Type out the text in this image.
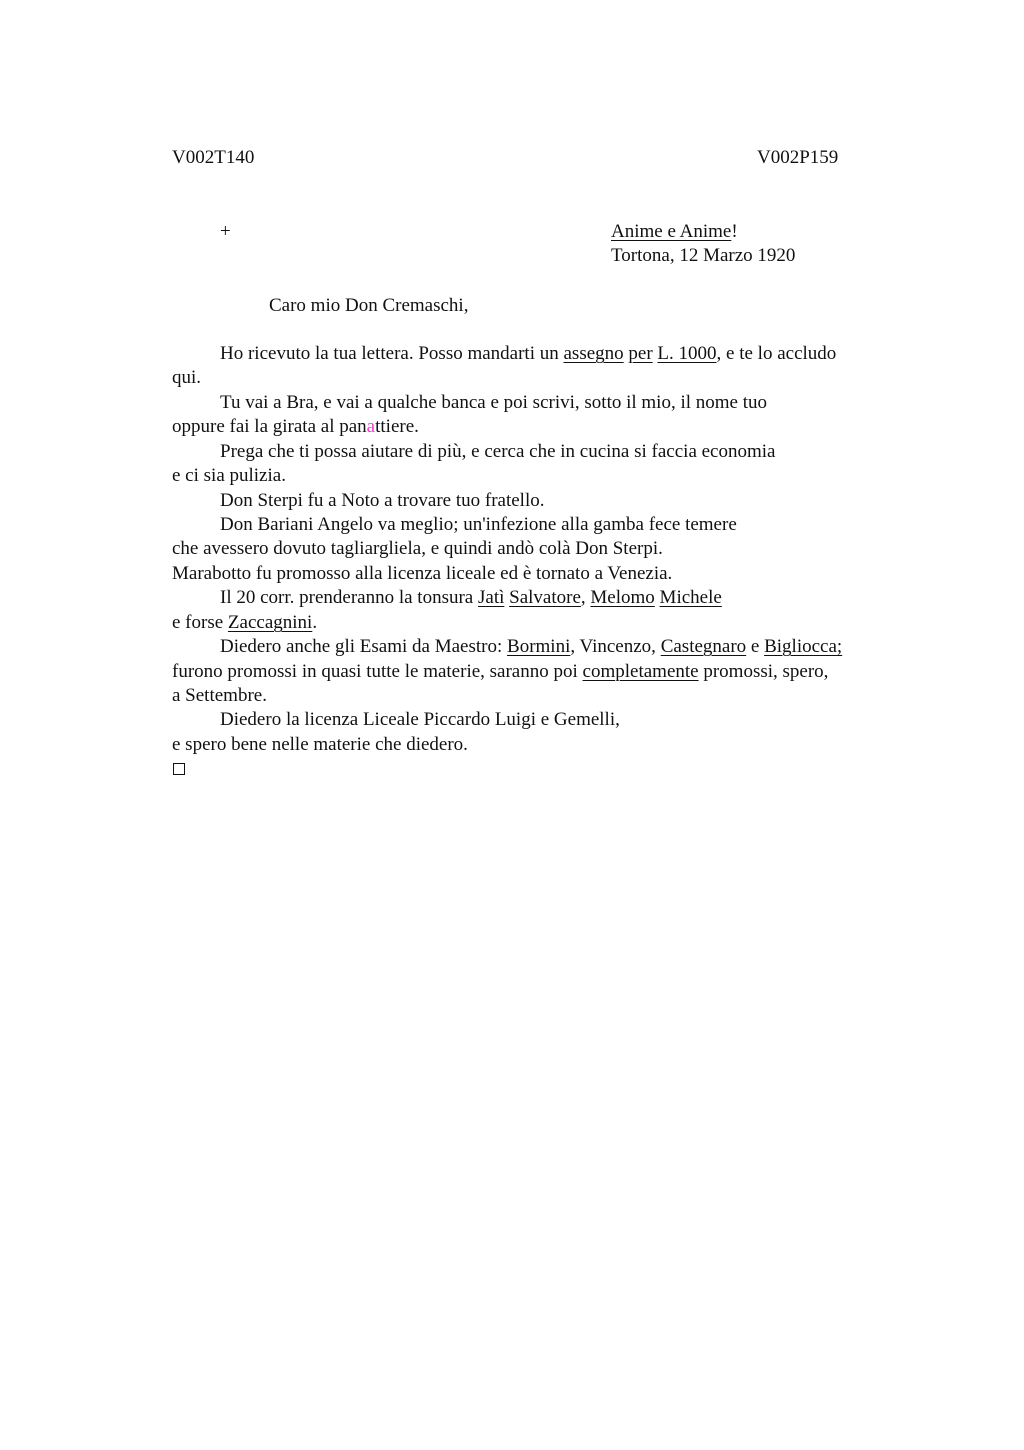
V002T140	V002P159
+	Anime e Anime!
Tortona, 12 Marzo 1920
Caro mio Don Cremaschi,
Ho ricevuto la tua lettera. Posso mandarti un assegno per L. 1000, e te lo accludo
qui.
Tu vai a Bra, e vai a qualche banca e poi scrivi, sotto il mio, il nome tuo
oppure fai la girata al panattiere.
Prega che ti possa aiutare di più, e cerca che in cucina si faccia economia
e ci sia pulizia.
Don Sterpi fu a Noto a trovare tuo fratello.
Don Bariani Angelo va meglio; un'infezione alla gamba fece temere
che avessero dovuto tagliargliela, e quindi andò colà Don Sterpi.
Marabotto fu promosso alla licenza liceale ed è tornato a Venezia.
Il 20 corr. prenderanno la tonsura Jatì Salvatore, Melomo Michele
e forse Zaccagnini.
Diedero anche gli Esami da Maestro: Bormini, Vincenzo, Castegnaro e Bigliocca;
furono promossi in quasi tutte le materie, saranno poi completamente promossi, spero,
a Settembre.
Diedero la licenza Liceale Piccardo Luigi e Gemelli,
e spero bene nelle materie che diedero.
